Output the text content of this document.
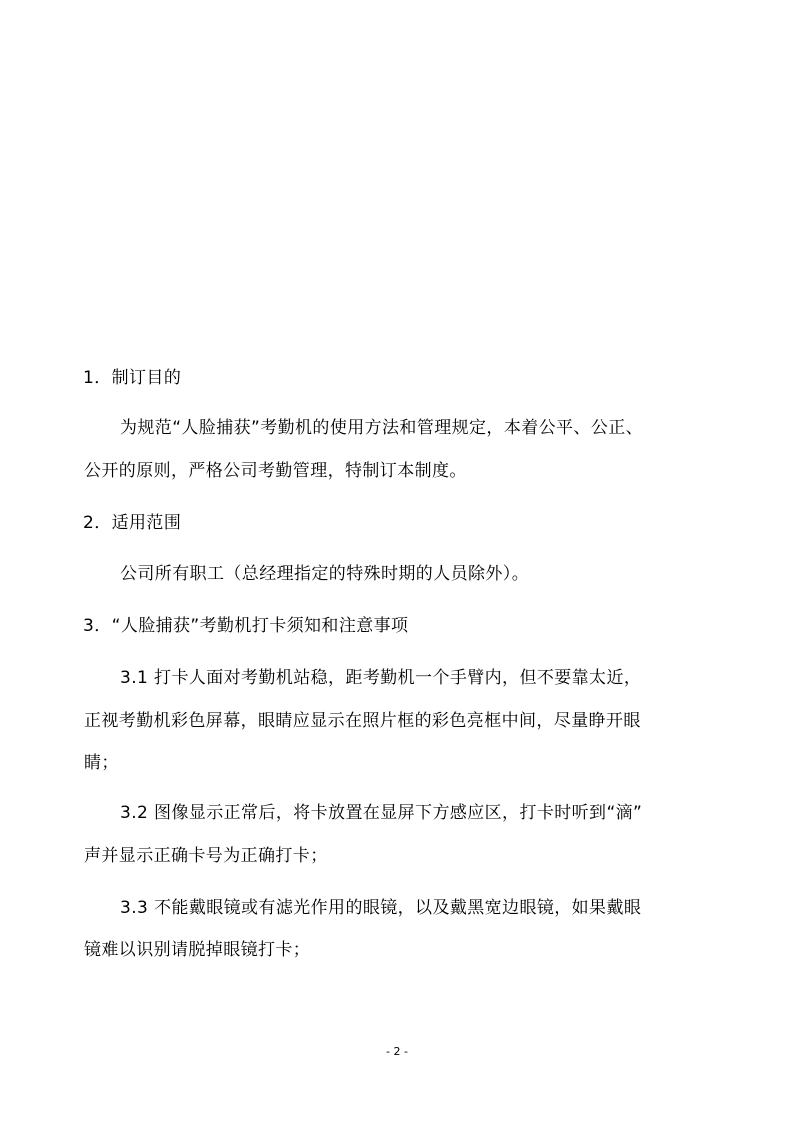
1．制订目的
为规范“人脸捕获”考勤机的使用方法和管理规定，本着公平、公正、
公开的原则，严格公司考勤管理，特制订本制度。
2．适用范围
公司所有职工（总经理指定的特殊时期的人员除外）。
3．“人脸捕获”考勤机打卡须知和注意事项
3.1 打卡人面对考勤机站稳，距考勤机一个手臂内，但不要靠太近，
正视考勤机彩色屏幕，眼睛应显示在照片框的彩色亮框中间，尽量睁开眼
睛；
3.2 图像显示正常后，将卡放置在显屏下方感应区，打卡时听到“滴”
声并显示正确卡号为正确打卡；
3.3 不能戴眼镜或有滤光作用的眼镜，以及戴黑宽边眼镜，如果戴眼
镜难以识别请脱掉眼镜打卡；
- 2 -
